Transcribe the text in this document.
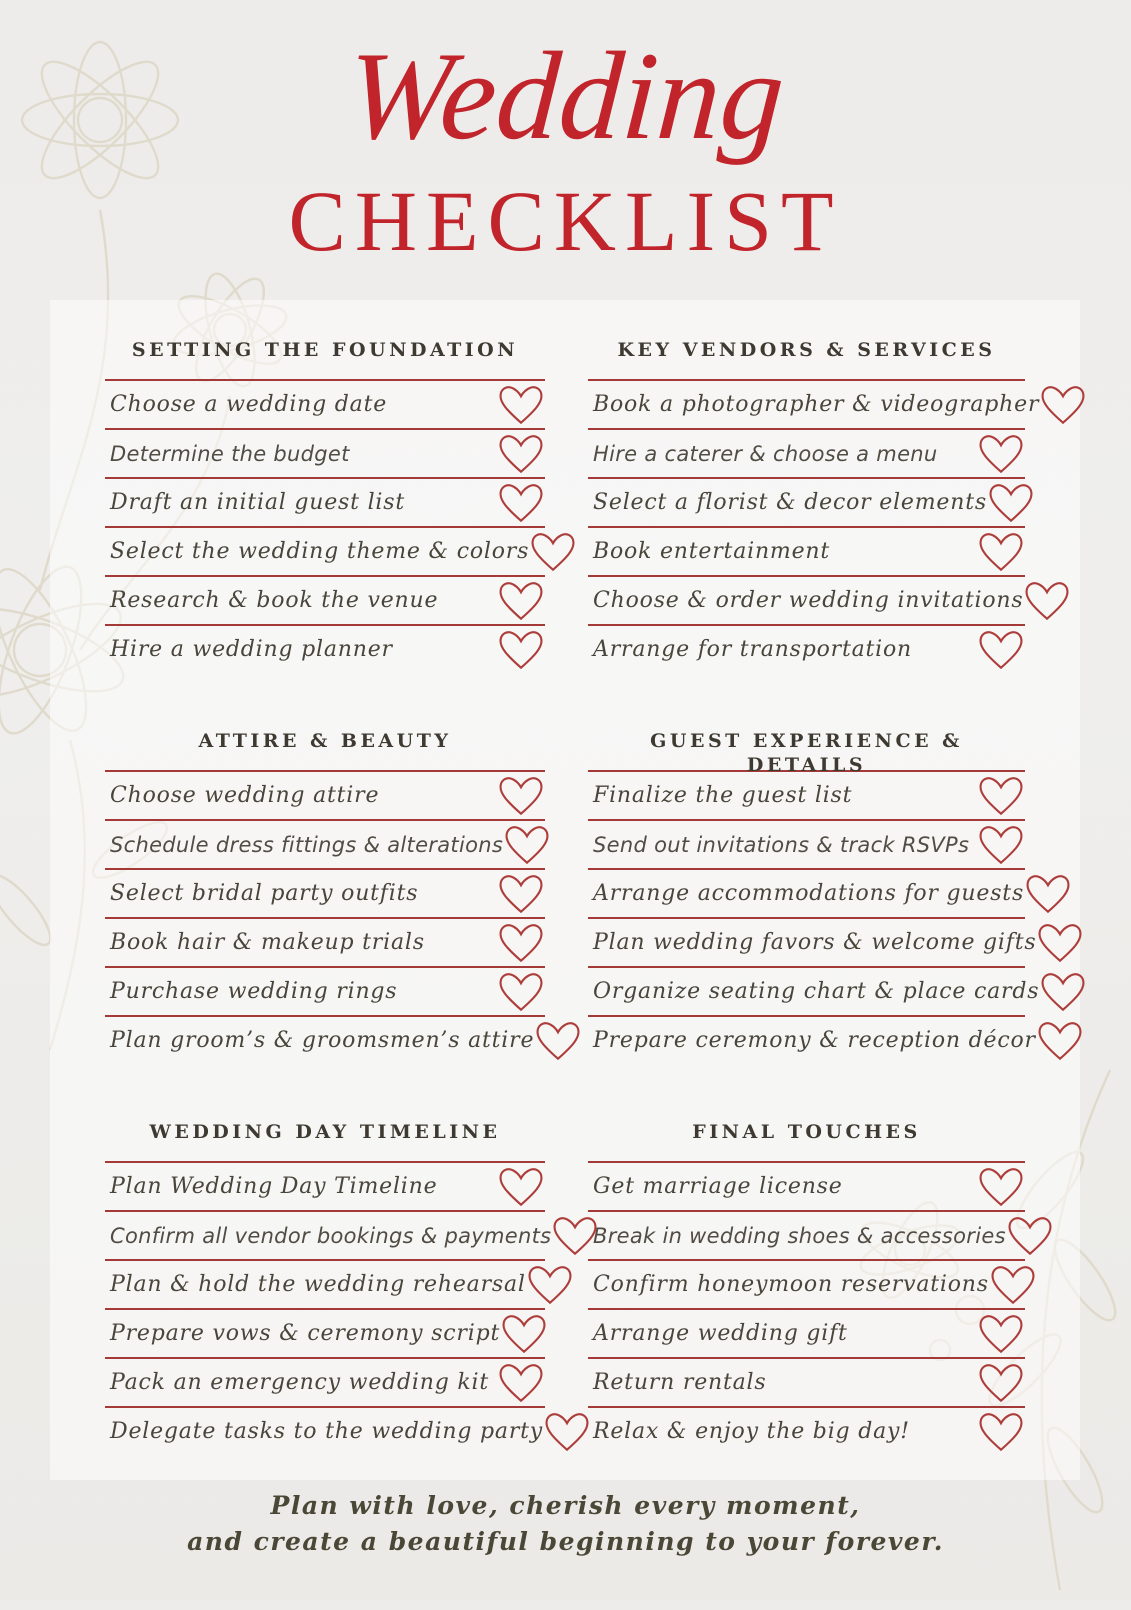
Wedding
CHECKLIST
SETTING THE FOUNDATION
Choose a wedding date
Determine the budget
Draft an initial guest list
Select the wedding theme & colors
Research & book the venue
Hire a wedding planner
KEY VENDORS & SERVICES
Book a photographer & videographer
Hire a caterer & choose a menu
Select a florist & decor elements
Book entertainment
Choose & order wedding invitations
Arrange for transportation
ATTIRE & BEAUTY
Choose wedding attire
Schedule dress fittings & alterations
Select bridal party outfits
Book hair & makeup trials
Purchase wedding rings
Plan groom’s & groomsmen’s attire
GUEST EXPERIENCE & DETAILS
Finalize the guest list
Send out invitations & track RSVPs
Arrange accommodations for guests
Plan wedding favors & welcome gifts
Organize seating chart & place cards
Prepare ceremony & reception décor
WEDDING DAY TIMELINE
Plan Wedding Day Timeline
Confirm all vendor bookings & payments
Plan & hold the wedding rehearsal
Prepare vows & ceremony script
Pack an emergency wedding kit
Delegate tasks to the wedding party
FINAL TOUCHES
Get marriage license
Break in wedding shoes & accessories
Confirm honeymoon reservations
Arrange wedding gift
Return rentals
Relax & enjoy the big day!
Plan with love, cherish every moment,
and create a beautiful beginning to your forever.
